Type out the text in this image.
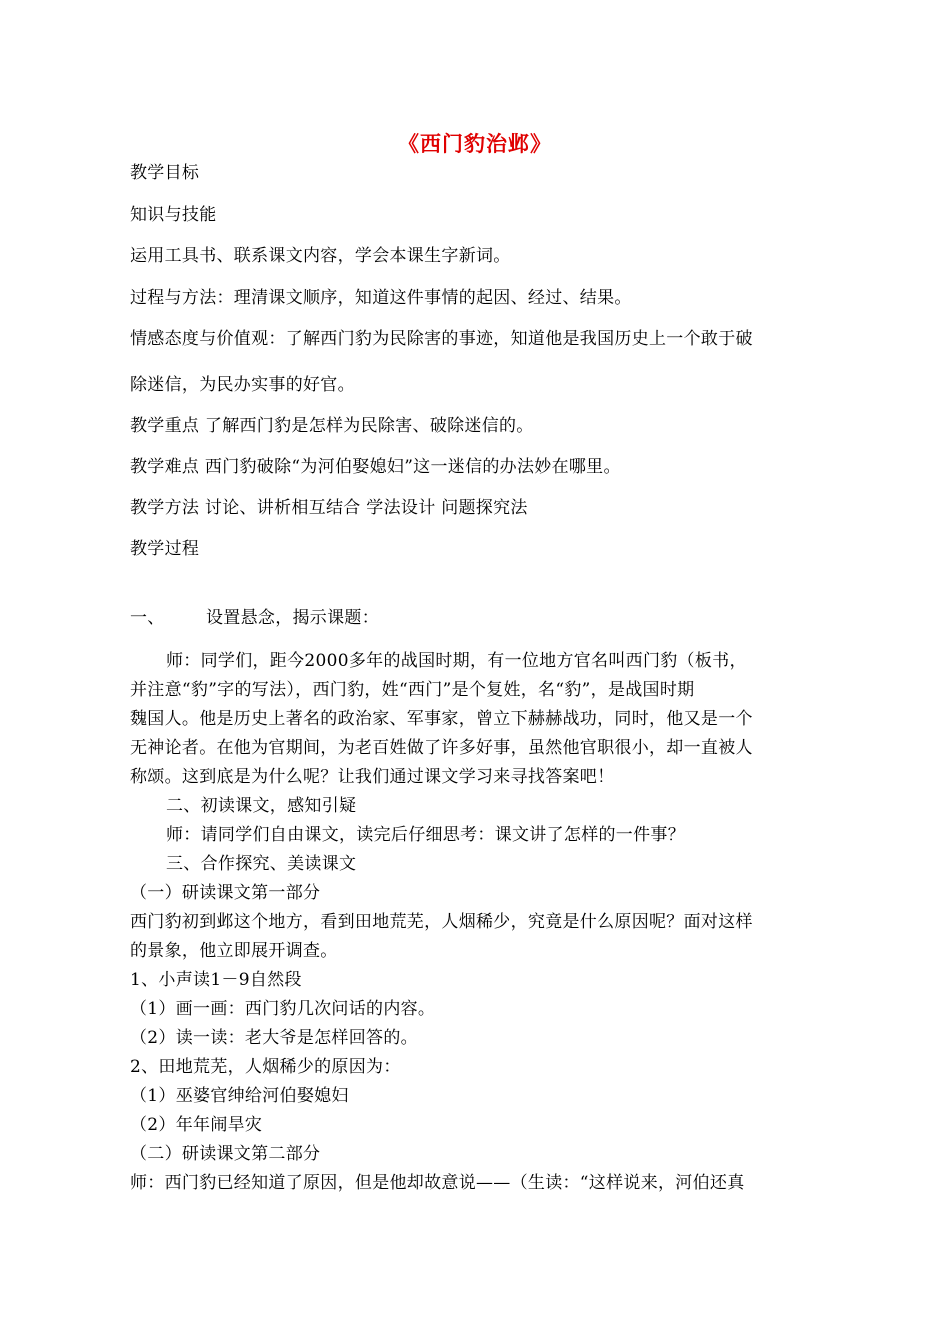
《西门豹治邺》
教学目标
知识与技能
运用工具书、联系课文内容，学会本课生字新词。
过程与方法：理清课文顺序，知道这件事情的起因、经过、结果。
情感态度与价值观：了解西门豹为民除害的事迹，知道他是我国历史上一个敢于破
除迷信，为民办实事的好官。
教学重点 了解西门豹是怎样为民除害、破除迷信的。
教学难点 西门豹破除“为河伯娶媳妇”这一迷信的办法妙在哪里。
教学方法 讨论、讲析相互结合 学法设计 问题探究法
教学过程
一、 设置悬念，揭示课题：
师：同学们，距今2000多年的战国时期，有一位地方官名叫西门豹（板书，
并注意“豹”字的写法），西门豹，姓“西门”是个复姓，名“豹”，是战国时期
魏国人。他是历史上著名的政治家、军事家，曾立下赫赫战功，同时，他又是一个
无神论者。在他为官期间，为老百姓做了许多好事，虽然他官职很小，却一直被人
称颂。这到底是为什么呢？让我们通过课文学习来寻找答案吧！
二、初读课文，感知引疑
师：请同学们自由课文，读完后仔细思考：课文讲了怎样的一件事？
三、合作探究、美读课文
（一）研读课文第一部分
西门豹初到邺这个地方，看到田地荒芜，人烟稀少，究竟是什么原因呢？面对这样
的景象，他立即展开调查。
1、小声读1－9自然段
（1）画一画：西门豹几次问话的内容。
（2）读一读：老大爷是怎样回答的。
2、田地荒芜，人烟稀少的原因为：
（1）巫婆官绅给河伯娶媳妇
（2）年年闹旱灾
（二）研读课文第二部分
师：西门豹已经知道了原因，但是他却故意说——（生读：“这样说来，河伯还真
